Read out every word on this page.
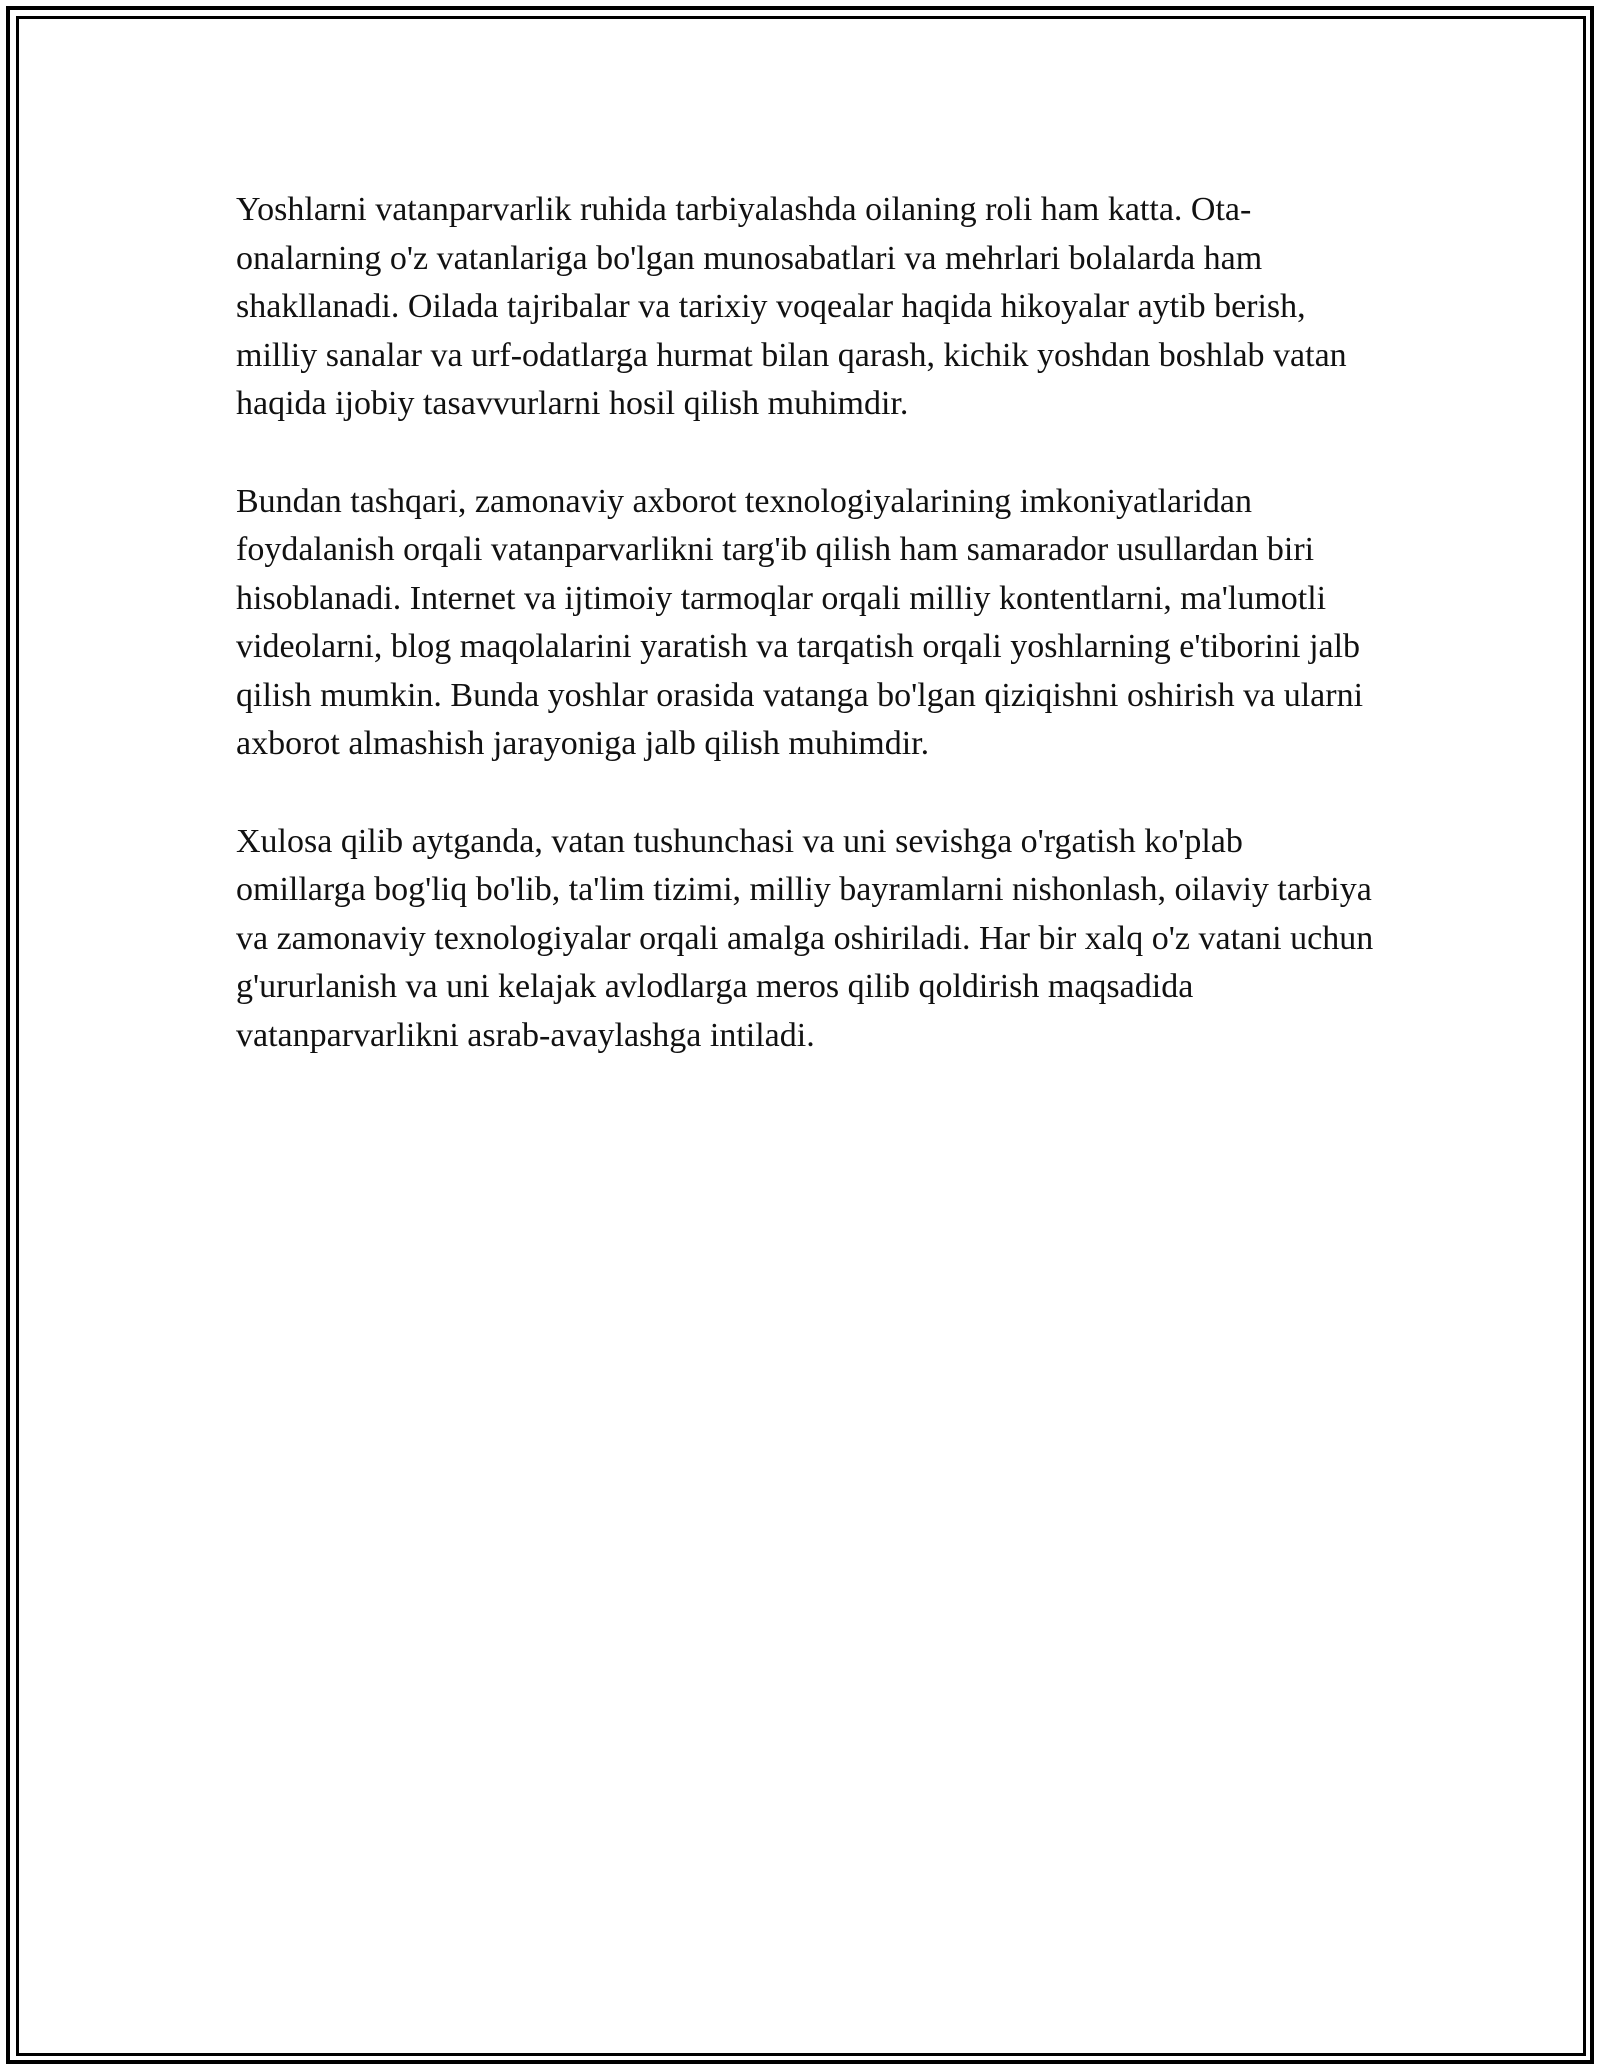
Yoshlarni vatanparvarlik ruhida tarbiyalashda oilaning roli ham katta. Ota-onalarning o'z vatanlariga bo'lgan munosabatlari va mehrlari bolalarda ham shakllanadi. Oilada tajribalar va tarixiy voqealar haqida hikoyalar aytib berish, milliy sanalar va urf-odatlarga hurmat bilan qarash, kichik yoshdan boshlab vatan haqida ijobiy tasavvurlarni hosil qilish muhimdir.

Bundan tashqari, zamonaviy axborot texnologiyalarining imkoniyatlaridan foydalanish orqali vatanparvarlikni targ'ib qilish ham samarador usullardan biri hisoblanadi. Internet va ijtimoiy tarmoqlar orqali milliy kontentlarni, ma'lumotli videolarni, blog maqolalarini yaratish va tarqatish orqali yoshlarning e'tiborini jalb qilish mumkin. Bunda yoshlar orasida vatanga bo'lgan qiziqishni oshirish va ularni axborot almashish jarayoniga jalb qilish muhimdir.

Xulosa qilib aytganda, vatan tushunchasi va uni sevishga o'rgatish ko'plab omillarga bog'liq bo'lib, ta'lim tizimi, milliy bayramlarni nishonlash, oilaviy tarbiya va zamonaviy texnologiyalar orqali amalga oshiriladi. Har bir xalq o'z vatani uchun g'ururlanish va uni kelajak avlodlarga meros qilib qoldirish maqsadida vatanparvarlikni asrab-avaylashga intiladi.
